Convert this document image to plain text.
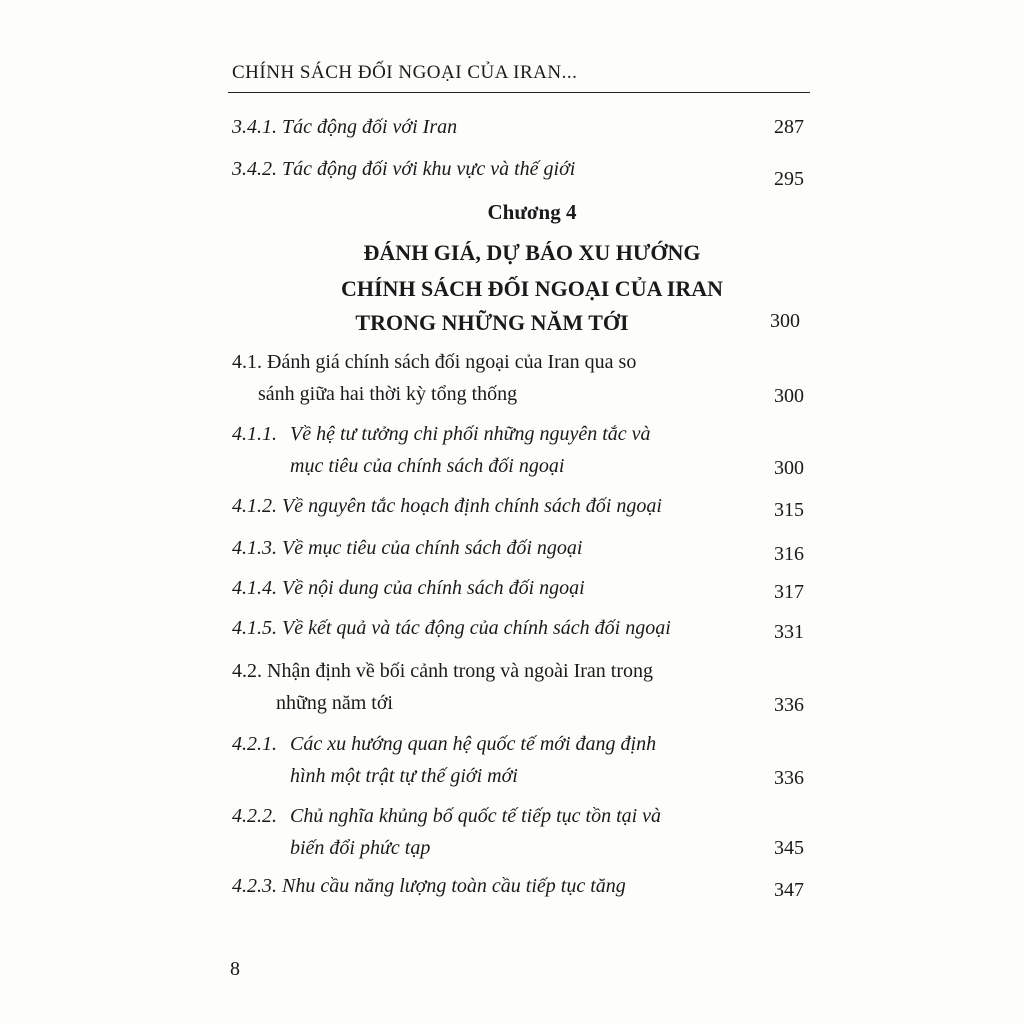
CHÍNH SÁCH ĐỐI NGOẠI CỦA IRAN...
3.4.1. Tác động đối với Iran	287
3.4.2. Tác động đối với khu vực và thế giới	295
Chương 4
ĐÁNH GIÁ, DỰ BÁO XU HƯỚNG
CHÍNH SÁCH ĐỐI NGOẠI CỦA IRAN
TRONG NHỮNG NĂM TỚI	300
4.1. Đánh giá chính sách đối ngoại của Iran qua so
sánh giữa hai thời kỳ tổng thống	300
4.1.1. Về hệ tư tưởng chi phối những nguyên tắc và
mục tiêu của chính sách đối ngoại	300
4.1.2. Về nguyên tắc hoạch định chính sách đối ngoại	315
4.1.3. Về mục tiêu của chính sách đối ngoại	316
4.1.4. Về nội dung của chính sách đối ngoại	317
4.1.5. Về kết quả và tác động của chính sách đối ngoại	331
4.2. Nhận định về bối cảnh trong và ngoài Iran trong
những năm tới	336
4.2.1. Các xu hướng quan hệ quốc tế mới đang định
hình một trật tự thế giới mới	336
4.2.2. Chủ nghĩa khủng bố quốc tế tiếp tục tồn tại và
biến đổi phức tạp	345
4.2.3. Nhu cầu năng lượng toàn cầu tiếp tục tăng	347
8
